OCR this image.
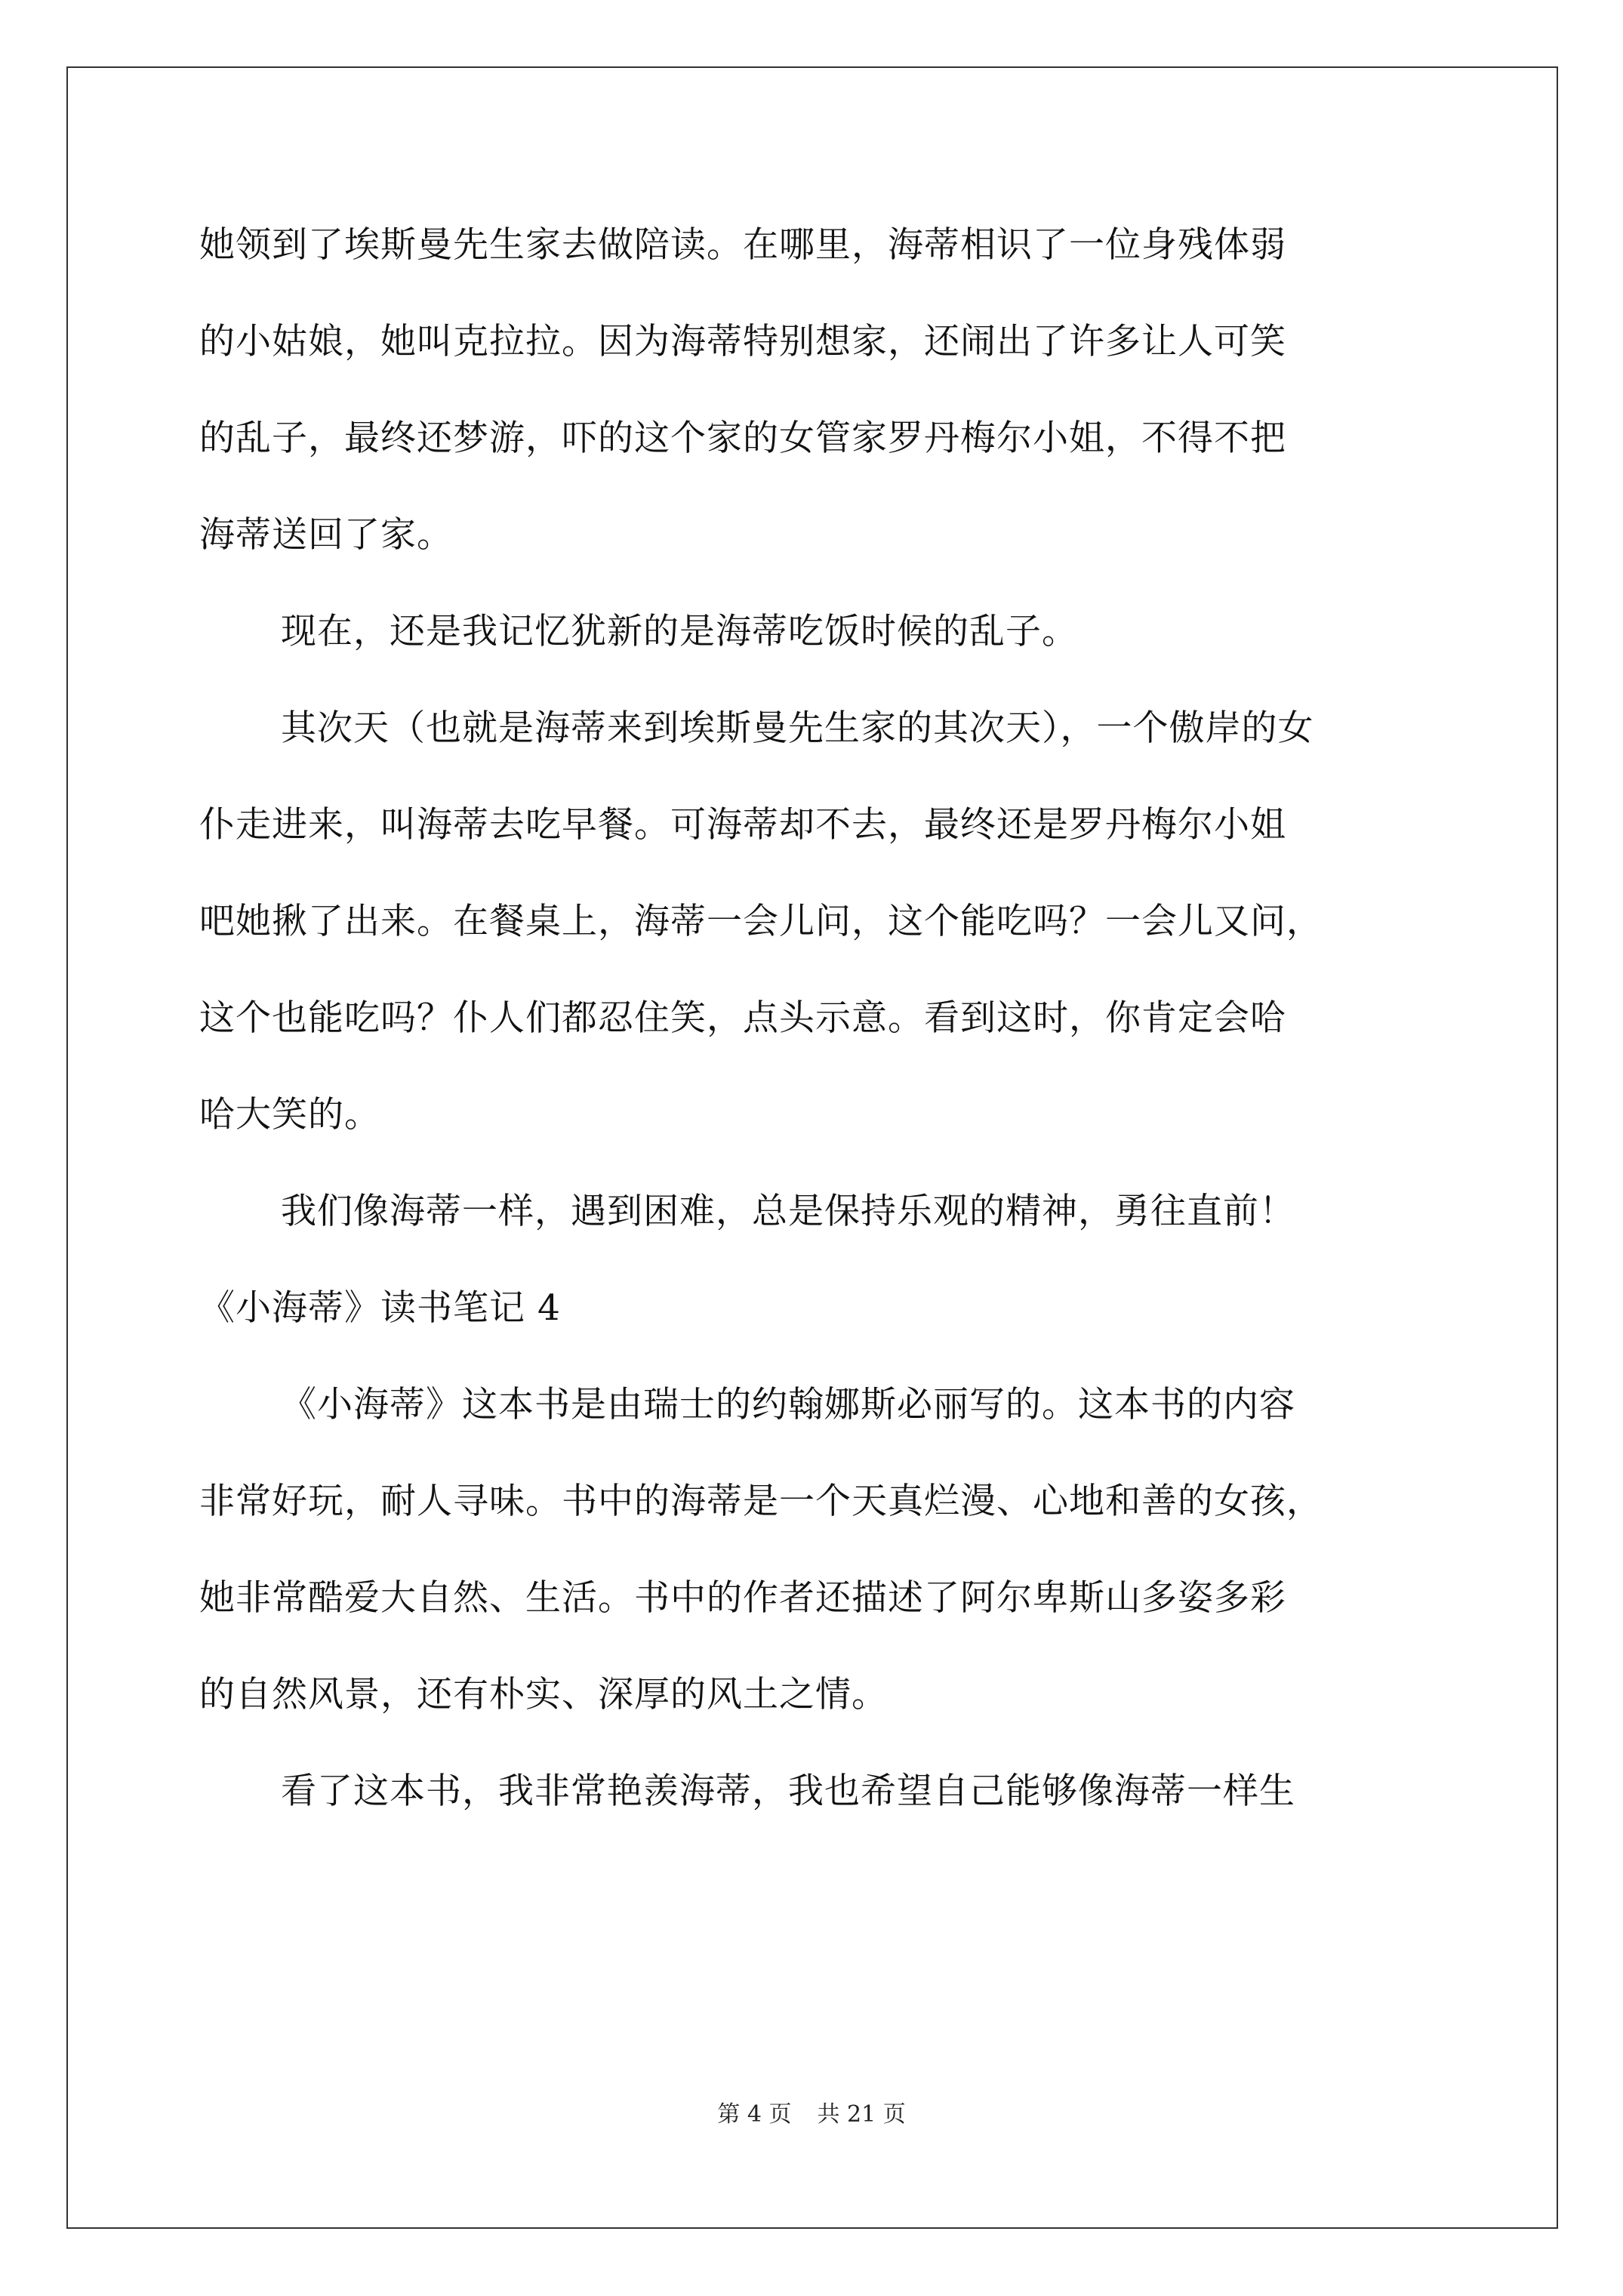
她领到了埃斯曼先生家去做陪读。在哪里，海蒂相识了一位身残体弱
的小姑娘，她叫克拉拉。因为海蒂特别想家，还闹出了许多让人可笑
的乱子，最终还梦游，吓的这个家的女管家罗丹梅尔小姐，不得不把
海蒂送回了家。
现在，还是我记忆犹新的是海蒂吃饭时候的乱子。
其次天（也就是海蒂来到埃斯曼先生家的其次天），一个傲岸的女
仆走进来，叫海蒂去吃早餐。可海蒂却不去，最终还是罗丹梅尔小姐
吧她揪了出来。在餐桌上，海蒂一会儿问，这个能吃吗？一会儿又问，
这个也能吃吗？仆人们都忍住笑，点头示意。看到这时，你肯定会哈
哈大笑的。
我们像海蒂一样，遇到困难，总是保持乐观的精神，勇往直前！
《小海蒂》读书笔记 4
《小海蒂》这本书是由瑞士的约翰娜斯必丽写的。这本书的内容
非常好玩，耐人寻味。书中的海蒂是一个天真烂漫、心地和善的女孩，
她非常酷爱大自然、生活。书中的作者还描述了阿尔卑斯山多姿多彩
的自然风景，还有朴实、深厚的风土之情。
看了这本书，我非常艳羡海蒂，我也希望自己能够像海蒂一样生
第 4 页 共 21 页
